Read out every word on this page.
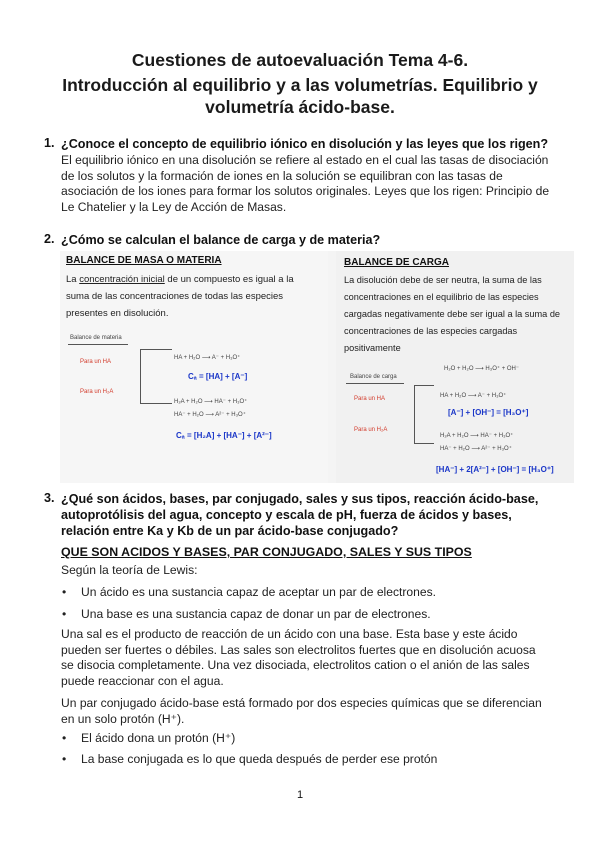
Cuestiones de autoevaluación Tema 4-6.
Introducción al equilibrio y a las volumetrías. Equilibrio y volumetría ácido-base.
1. ¿Conoce el concepto de equilibrio iónico en disolución y las leyes que los rigen?
El equilibrio iónico en una disolución se refiere al estado en el cual las tasas de disociación de los solutos y la formación de iones en la solución se equilibran con las tasas de asociación de los iones para formar los solutos originales. Leyes que los rigen: Principio de Le Chatelier y la Ley de Acción de Masas.
2. ¿Cómo se calculan el balance de carga y de materia?
BALANCE DE MASA O MATERIA
La concentración inicial de un compuesto es igual a la suma de las concentraciones de todas las especies presentes en disolución.
Balance de materia
Para un HA
Para un H₂A
HA + H₂O ⟶ A⁻ + H₃O⁺
Cₐ = [HA] + [A⁻]
H₂A + H₂O ⟶ HA⁻ + H₃O⁺
HA⁻ + H₂O ⟶ A²⁻ + H₃O⁺
Cₐ = [H₂A] + [HA⁻] + [A²⁻]
BALANCE DE CARGA
La disolución debe de ser neutra, la suma de las concentraciones en el equilibrio de las especies cargadas negativamente debe ser igual a la suma de concentraciones de las especies cargadas positivamente
H₂O + H₂O ⟶ H₃O⁺ + OH⁻
Balance de carga
Para un HA
Para un H₂A
HA + H₂O ⟶ A⁻ + H₃O⁺
[A⁻] + [OH⁻] = [H₃O⁺]
H₂A + H₂O ⟶ HA⁻ + H₃O⁺
HA⁻ + H₂O ⟶ A²⁻ + H₃O⁺
[HA⁻] + 2[A²⁻] + [OH⁻] = [H₃O⁺]
3. ¿Qué son ácidos, bases, par conjugado, sales y sus tipos, reacción ácido-base, autoprotólisis del agua, concepto y escala de pH, fuerza de ácidos y bases, relación entre Ka y Kb de un par ácido-base conjugado?
QUE SON ACIDOS Y BASES, PAR CONJUGADO, SALES Y SUS TIPOS
Según la teoría de Lewis:
• Un ácido es una sustancia capaz de aceptar un par de electrones.
• Una base es una sustancia capaz de donar un par de electrones.
Una sal es el producto de reacción de un ácido con una base. Esta base y este ácido pueden ser fuertes o débiles. Las sales son electrolitos fuertes que en disolución acuosa se disocia completamente. Una vez disociada, electrolitos cation o el anión de las sales puede reaccionar con el agua.
Un par conjugado ácido-base está formado por dos especies químicas que se diferencian en un solo protón (H⁺).
• El ácido dona un protón (H⁺)
• La base conjugada es lo que queda después de perder ese protón
1
